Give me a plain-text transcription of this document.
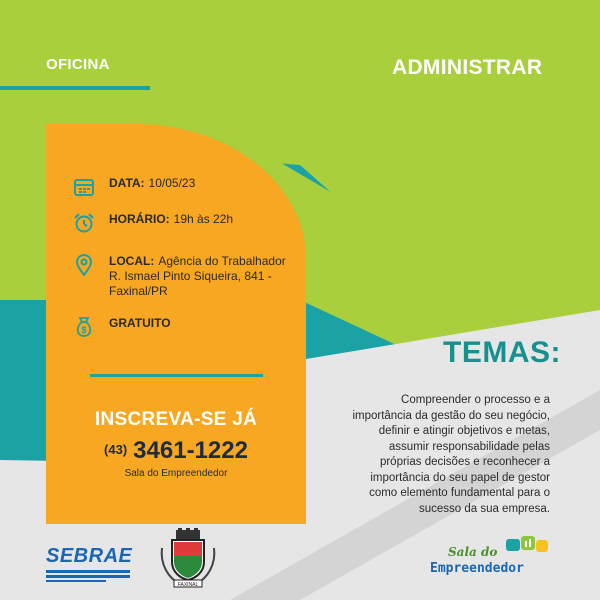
OFICINA	ADMINISTRAR
DATA: 10/05/23
HORÁRIO: 19h às 22h
LOCAL: Agência do Trabalhador
R. Ismael Pinto Siqueira, 841 -
Faxinal/PR
$ GRATUITO
INSCREVA-SE JÁ
$^{(43)}$ 3461-1222
Sala do Empreendedor
TEMAS:
Compreender o processo e a
importância da gestão do seu negócio,
definir e atingir objetivos e metas,
assumir responsabilidade pelas
próprias decisões e reconhecer a
importância do seu papel de gestor
como elemento fundamental para o
sucesso da sua empresa.
SEBRAE
FAXINAL
Sala do
Empreendedor
